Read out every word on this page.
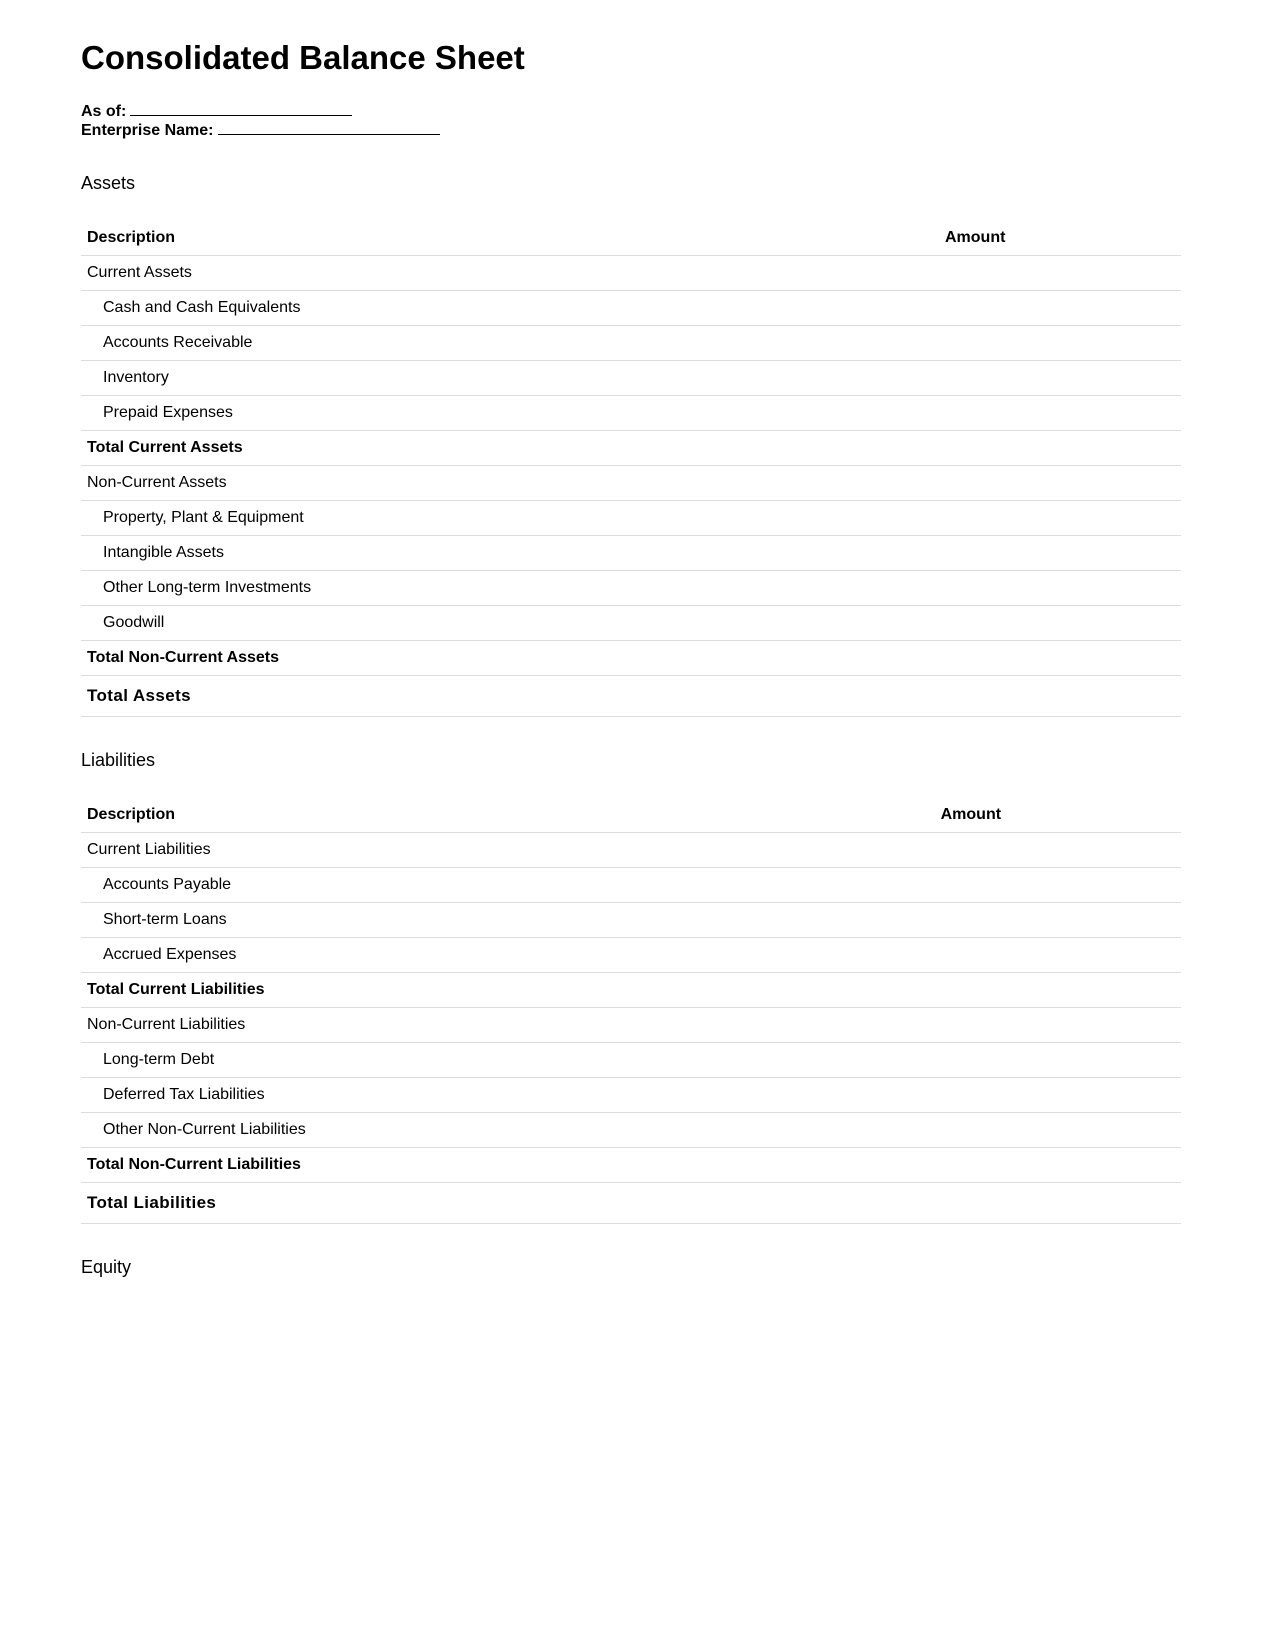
Consolidated Balance Sheet
As of:
Enterprise Name:
Assets
Description	Amount
Current Assets	
Cash and Cash Equivalents	
Accounts Receivable	
Inventory	
Prepaid Expenses	
Total Current Assets	
Non-Current Assets	
Property, Plant & Equipment	
Intangible Assets	
Other Long-term Investments	
Goodwill	
Total Non-Current Assets	
Total Assets	
Liabilities
Description	Amount
Current Liabilities	
Accounts Payable	
Short-term Loans	
Accrued Expenses	
Total Current Liabilities	
Non-Current Liabilities	
Long-term Debt	
Deferred Tax Liabilities	
Other Non-Current Liabilities	
Total Non-Current Liabilities	
Total Liabilities	
Equity
